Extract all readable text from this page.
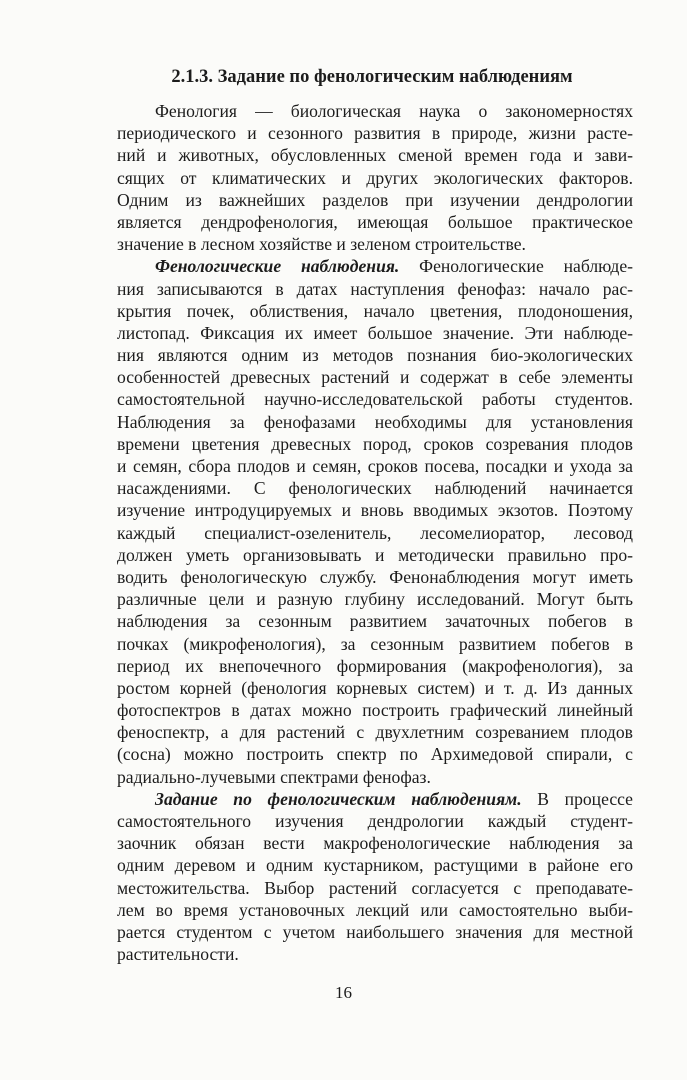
2.1.3. Задание по фенологическим наблюдениям
Фенология — биологическая наука о закономерностях
периодического и сезонного развития в природе, жизни расте-
ний и животных, обусловленных сменой времен года и зави-
сящих от климатических и других экологических факторов.
Одним из важнейших разделов при изучении дендрологии
является дендрофенология, имеющая большое практическое
значение в лесном хозяйстве и зеленом строительстве.
Фенологические наблюдения. Фенологические наблюде-
ния записываются в датах наступления фенофаз: начало рас-
крытия почек, облиствения, начало цветения, плодоношения,
листопад. Фиксация их имеет большое значение. Эти наблюде-
ния являются одним из методов познания био-экологических
особенностей древесных растений и содержат в себе элементы
самостоятельной научно-исследовательской работы студентов.
Наблюдения за фенофазами необходимы для установления
времени цветения древесных пород, сроков созревания плодов
и семян, сбора плодов и семян, сроков посева, посадки и ухода за
насаждениями. С фенологических наблюдений начинается
изучение интродуцируемых и вновь вводимых экзотов. Поэтому
каждый специалист-озеленитель, лесомелиоратор, лесовод
должен уметь организовывать и методически правильно про-
водить фенологическую службу. Фенонаблюдения могут иметь
различные цели и разную глубину исследований. Могут быть
наблюдения за сезонным развитием зачаточных побегов в
почках (микрофенология), за сезонным развитием побегов в
период их внепочечного формирования (макрофенология), за
ростом корней (фенология корневых систем) и т. д. Из данных
фотоспектров в датах можно построить графический линейный
феноспектр, а для растений с двухлетним созреванием плодов
(сосна) можно построить спектр по Архимедовой спирали, с
радиально-лучевыми спектрами фенофаз.
Задание по фенологическим наблюдениям. В процессе
самостоятельного изучения дендрологии каждый студент-
заочник обязан вести макрофенологические наблюдения за
одним деревом и одним кустарником, растущими в районе его
местожительства. Выбор растений согласуется с преподавате-
лем во время установочных лекций или самостоятельно выби-
рается студентом с учетом наибольшего значения для местной
растительности.
16
